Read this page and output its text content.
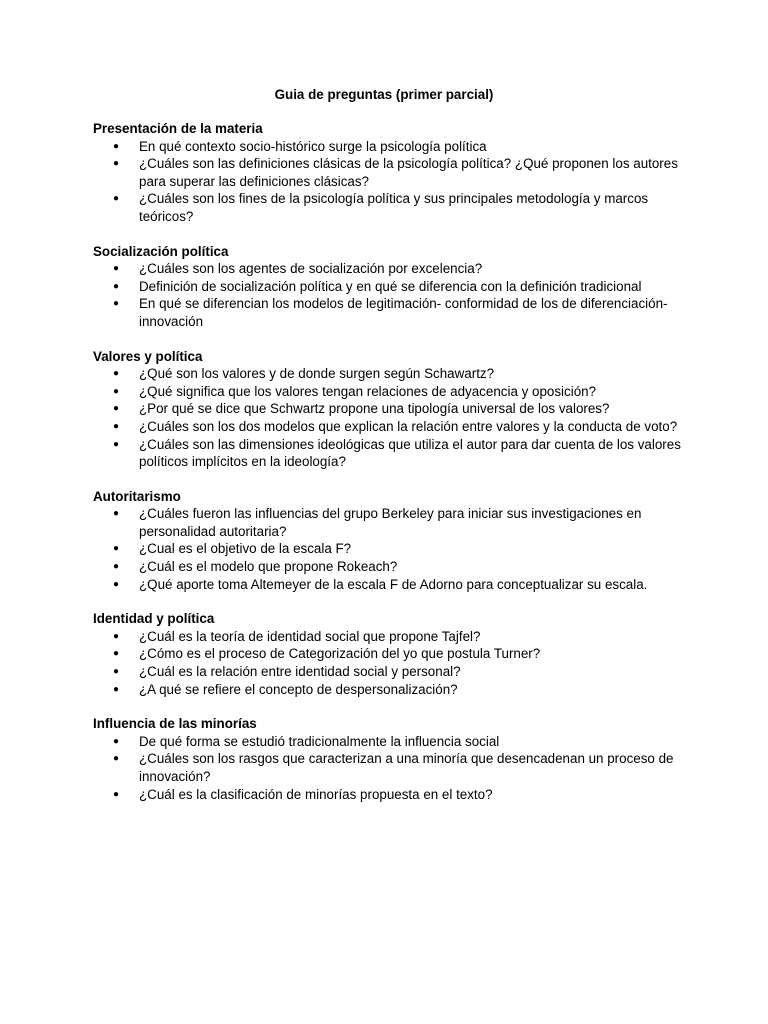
Guia de preguntas (primer parcial)
Presentación de la materia
● En qué contexto socio-histórico surge la psicología política
● ¿Cuáles son las definiciones clásicas de la psicología política? ¿Qué proponen los autores para superar las definiciones clásicas?
● ¿Cuáles son los fines de la psicología política y sus principales metodología y marcos teóricos?
Socialización política
● ¿Cuáles son los agentes de socialización por excelencia?
● Definición de socialización política y en qué se diferencia con la definición tradicional
● En qué se diferencian los modelos de legitimación- conformidad de los de diferenciación-innovación
Valores y política
● ¿Qué son los valores y de donde surgen según Schawartz?
● ¿Qué significa que los valores tengan relaciones de adyacencia y oposición?
● ¿Por qué se dice que Schwartz propone una tipología universal de los valores?
● ¿Cuáles son los dos modelos que explican la relación entre valores y la conducta de voto?
● ¿Cuáles son las dimensiones ideológicas que utiliza el autor para dar cuenta de los valores políticos implícitos en la ideología?
Autoritarismo
● ¿Cuáles fueron las influencias del grupo Berkeley para iniciar sus investigaciones en personalidad autoritaria?
● ¿Cual es el objetivo de la escala F?
● ¿Cuál es el modelo que propone Rokeach?
● ¿Qué aporte toma Altemeyer de la escala F de Adorno para conceptualizar su escala.
Identidad y política
● ¿Cuál es la teoría de identidad social que propone Tajfel?
● ¿Cómo es el proceso de Categorización del yo que postula Turner?
● ¿Cuál es la relación entre identidad social y personal?
● ¿A qué se refiere el concepto de despersonalización?
Influencia de las minorías
● De qué forma se estudió tradicionalmente la influencia social
● ¿Cuáles son los rasgos que caracterizan a una minoría que desencadenan un proceso de innovación?
● ¿Cuál es la clasificación de minorías propuesta en el texto?
